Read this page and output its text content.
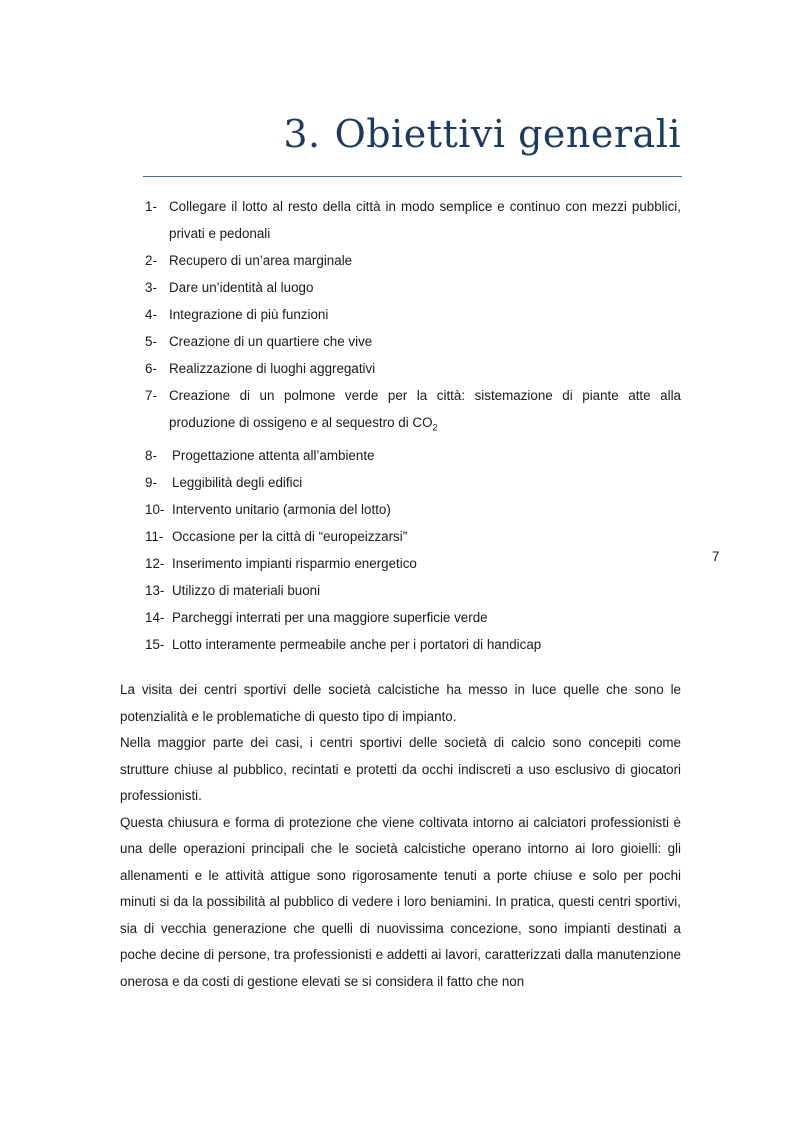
3. Obiettivi generali
1- Collegare il lotto al resto della città in modo semplice e continuo con mezzi pubblici, privati e pedonali
2- Recupero di un’area marginale
3- Dare un’identità al luogo
4- Integrazione di più funzioni
5- Creazione di un quartiere che vive
6- Realizzazione di luoghi aggregativi
7- Creazione di un polmone verde per la città: sistemazione di piante atte alla produzione di ossigeno e al sequestro di $CO_2$
8-	Progettazione attenta all’ambiente
9-	Leggibilità degli edifici
10- Intervento unitario (armonia del lotto)
11- Occasione per la città di “europeizzarsi”
12- Inserimento impianti risparmio energetico
13- Utilizzo di materiali buoni
14- Parcheggi interrati per una maggiore superficie verde
15- Lotto interamente permeabile anche per i portatori di handicap
7

La visita dei centri sportivi delle società calcistiche ha messo in luce quelle che sono le potenzialità e le problematiche di questo tipo di impianto.

Nella maggior parte dei casi, i centri sportivi delle società di calcio sono concepiti come strutture chiuse al pubblico, recintati e protetti da occhi indiscreti a uso esclusivo di giocatori professionisti.

Questa chiusura e forma di protezione che viene coltivata intorno ai calciatori professionisti è una delle operazioni principali che le società calcistiche operano intorno ai loro gioielli: gli allenamenti e le attività attigue sono rigorosamente tenuti a porte chiuse e solo per pochi minuti si da la possibilità al pubblico di vedere i loro beniamini. In pratica, questi centri sportivi, sia di vecchia generazione che quelli di nuovissima concezione, sono impianti destinati a poche decine di persone, tra professionisti e addetti ai lavori, caratterizzati dalla manutenzione onerosa e da costi di gestione elevati se si considera il fatto che non
